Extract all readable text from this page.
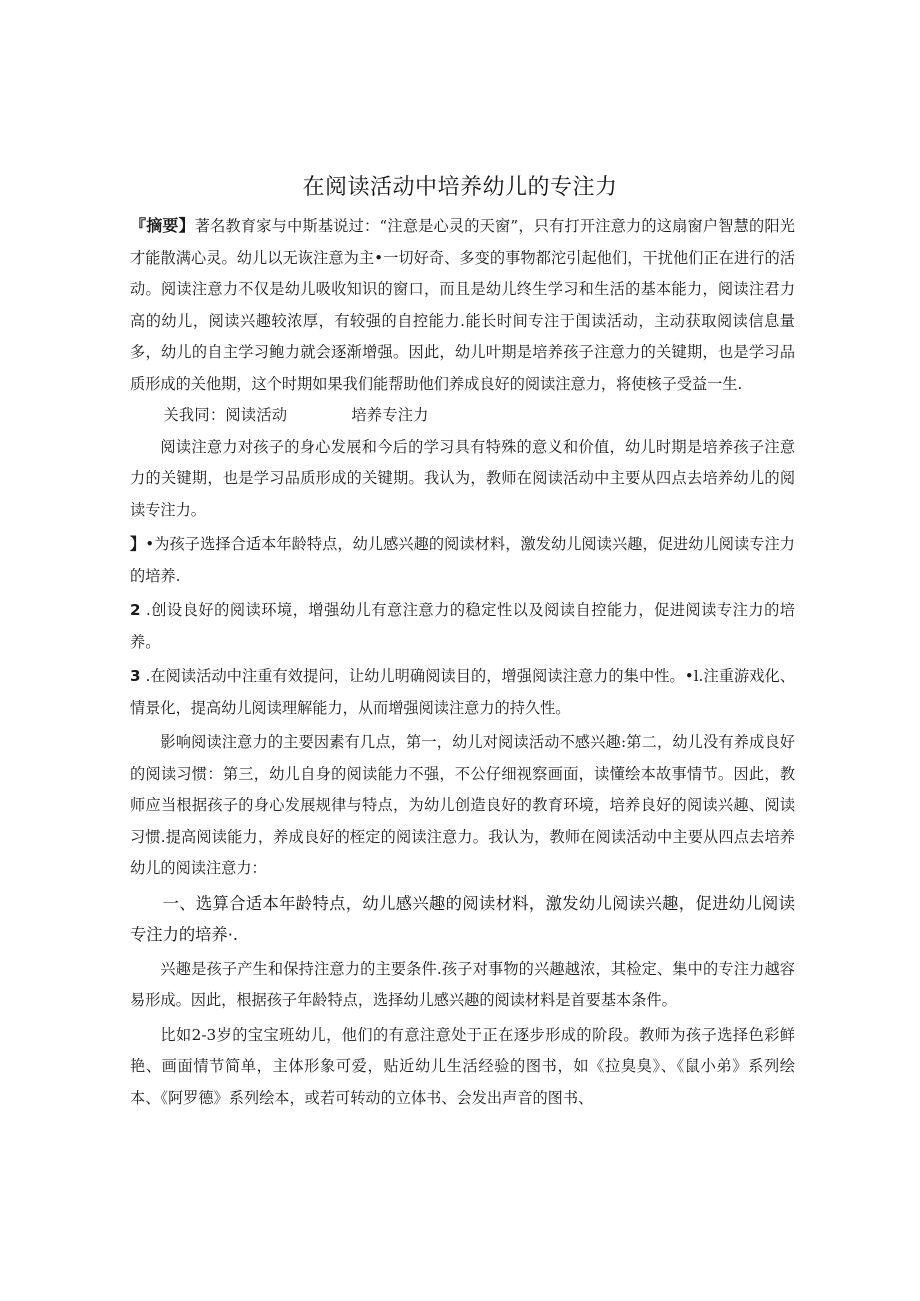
在阅读活动中培养幼儿的专注力

『摘要】著名教育家与中斯基说过：“注意是心灵的天窗”，只有打开注意力的这扇窗户智慧的阳光才能散满心灵。幼儿以无诙注意为主•一切好奇、多变的事物都沱引起他们，干扰他们正在进行的活动。阅读注意力不仅是幼儿吸收知识的窗口，而且是幼儿终生学习和生活的基本能力，阅读注君力高的幼儿，阅读兴趣较浓厚，有较强的自控能力.能长时间专注于闺读活动，主动获取阅读信息量多，幼儿的自主学习鲍力就会逐渐增强。因此，幼儿叶期是培养孩子注意力的关键期，也是学习品质形成的关他期，这个时期如果我们能帮助他们养成良好的阅读注意力，将使核子受益一生.

关我同：阅读活动	培养专注力

阅读注意力对孩子的身心发展和今后的学习具有特殊的意义和价值，幼儿时期是培养孩子注意力的关键期，也是学习品质形成的关键期。我认为，教师在阅读活动中主要从四点去培养幼儿的阅读专注力。

】•为孩子选择合适本年龄特点，幼儿感兴趣的阅读材料，激发幼儿阅读兴趣，促进幼儿阅读专注力的培养.

2 .创设良好的阅读环境，增强幼儿有意注意力的稳定性以及阅读自控能力，促进阅读专注力的培养。

3 .在阅读活动中注重有效提问，让幼儿明确阅读目的，增强阅读注意力的集中性。•l.注重游戏化、情景化，提高幼儿阅读理解能力，从而增强阅读注意力的持久性。

影响阅读注意力的主要因素有几点，第一，幼儿对阅读活动不感兴趣:第二，幼儿没有养成良好的阅读习惯：第三，幼儿自身的阅读能力不强，不公仔细视察画面，读懂绘本故事情节。因此，教师应当根据孩子的身心发展规律与特点，为幼儿创造良好的教育环境，培养良好的阅读兴趣、阅读习惯.提高阅读能力，养成良好的桎定的阅读注意力。我认为，教师在阅读活动中主要从四点去培养幼儿的阅读注意力：

一、选算合适本年龄特点，幼儿感兴趣的阅读材料，激发幼儿阅读兴趣，促进幼儿阅读专注力的培养·.

兴趣是孩子产生和保持注意力的主要条件.孩子对事物的兴趣越浓，其检定、集中的专注力越容易形成。因此，根据孩子年龄特点，选择幼儿感兴趣的阅读材料是首要基本条件。

比如2-3岁的宝宝班幼儿，他们的有意注意处于正在逐步形成的阶段。教师为孩子选择色彩鲜艳、画面情节简单，主体形象可爱，贴近幼儿生活经验的图书，如《拉臭臭》、《鼠小弟》系列绘本、《阿罗德》系列绘本，或若可转动的立体书、会发出声音的图书、
